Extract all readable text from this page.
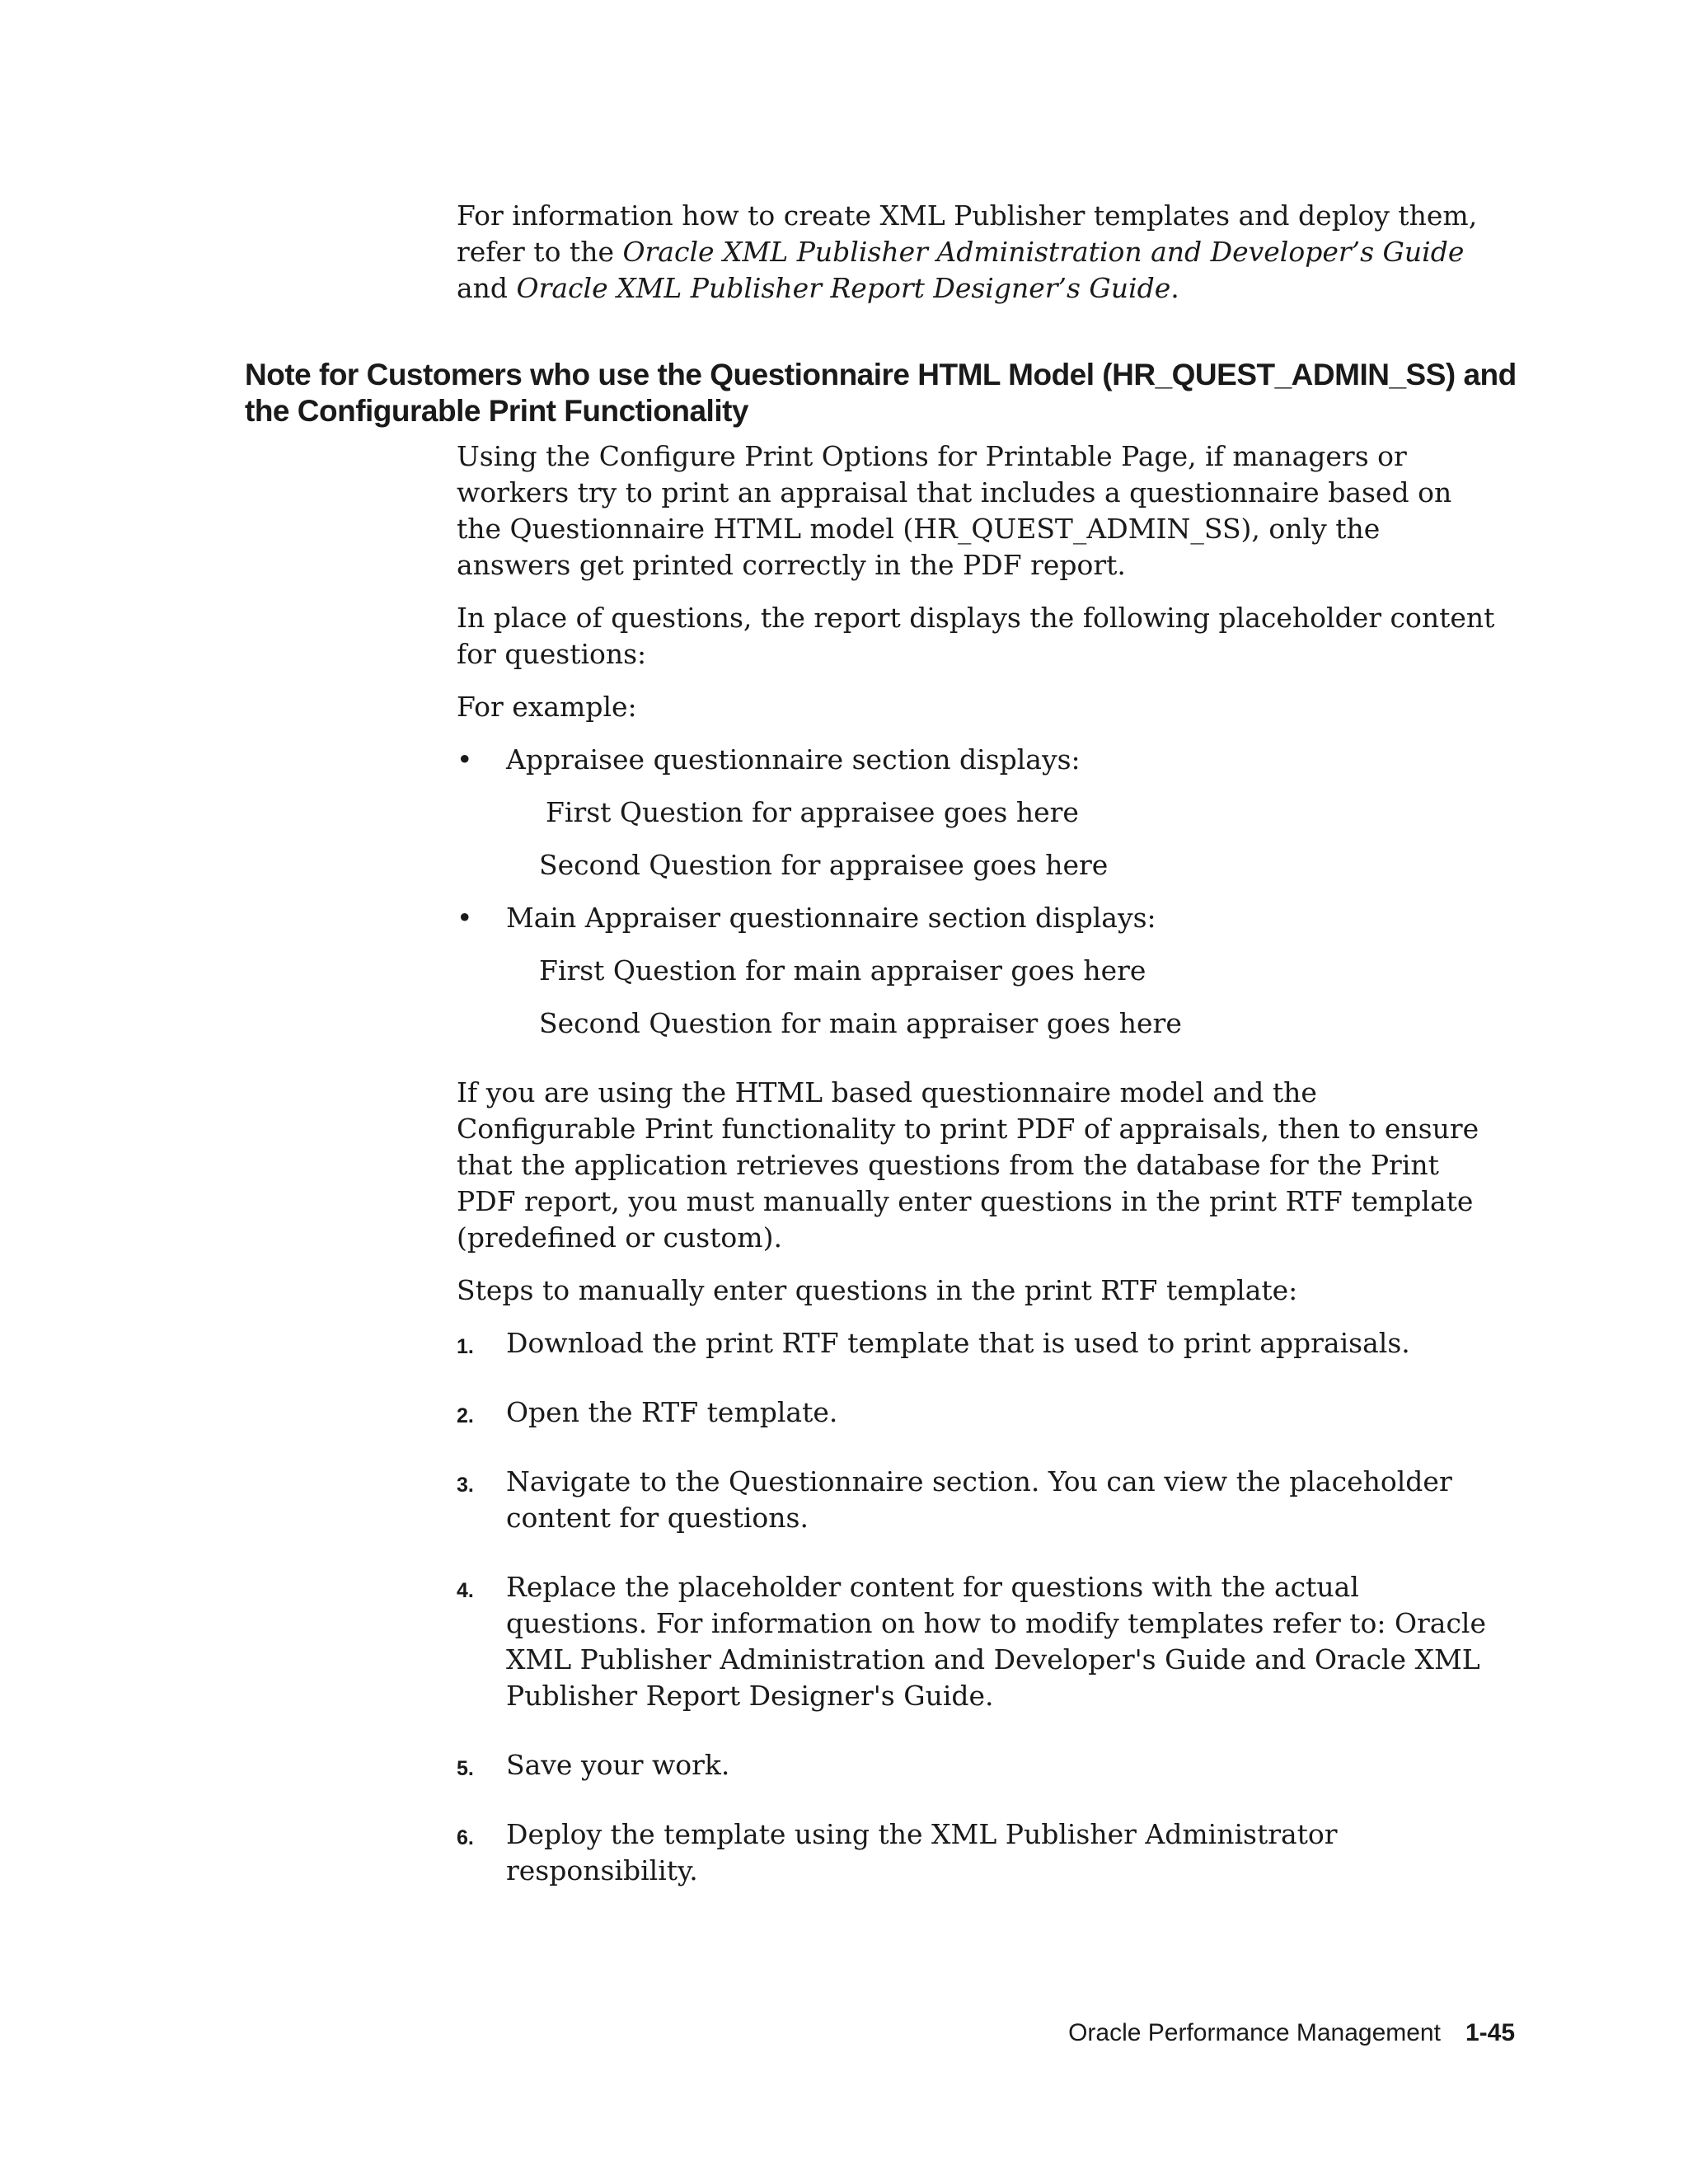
For information how to create XML Publisher templates and deploy them, refer to the Oracle XML Publisher Administration and Developer’s Guide and Oracle XML Publisher Report Designer’s Guide.

Note for Customers who use the Questionnaire HTML Model (HR_QUEST_ADMIN_SS) and the Configurable Print Functionality

Using the Configure Print Options for Printable Page, if managers or workers try to print an appraisal that includes a questionnaire based on the Questionnaire HTML model (HR_QUEST_ADMIN_SS), only the answers get printed correctly in the PDF report.

In place of questions, the report displays the following placeholder content for questions:

For example:

• Appraisee questionnaire section displays:
First Question for appraisee goes here
Second Question for appraisee goes here
• Main Appraiser questionnaire section displays:
First Question for main appraiser goes here
Second Question for main appraiser goes here

If you are using the HTML based questionnaire model and the Configurable Print functionality to print PDF of appraisals, then to ensure that the application retrieves questions from the database for the Print PDF report, you must manually enter questions in the print RTF template (predefined or custom).

Steps to manually enter questions in the print RTF template:

1. Download the print RTF template that is used to print appraisals.
2. Open the RTF template.
3. Navigate to the Questionnaire section. You can view the placeholder content for questions.
4. Replace the placeholder content for questions with the actual questions. For information on how to modify templates refer to: Oracle XML Publisher Administration and Developer's Guide and Oracle XML Publisher Report Designer's Guide.
5. Save your work.
6. Deploy the template using the XML Publisher Administrator responsibility.
Oracle Performance Management 1-45
